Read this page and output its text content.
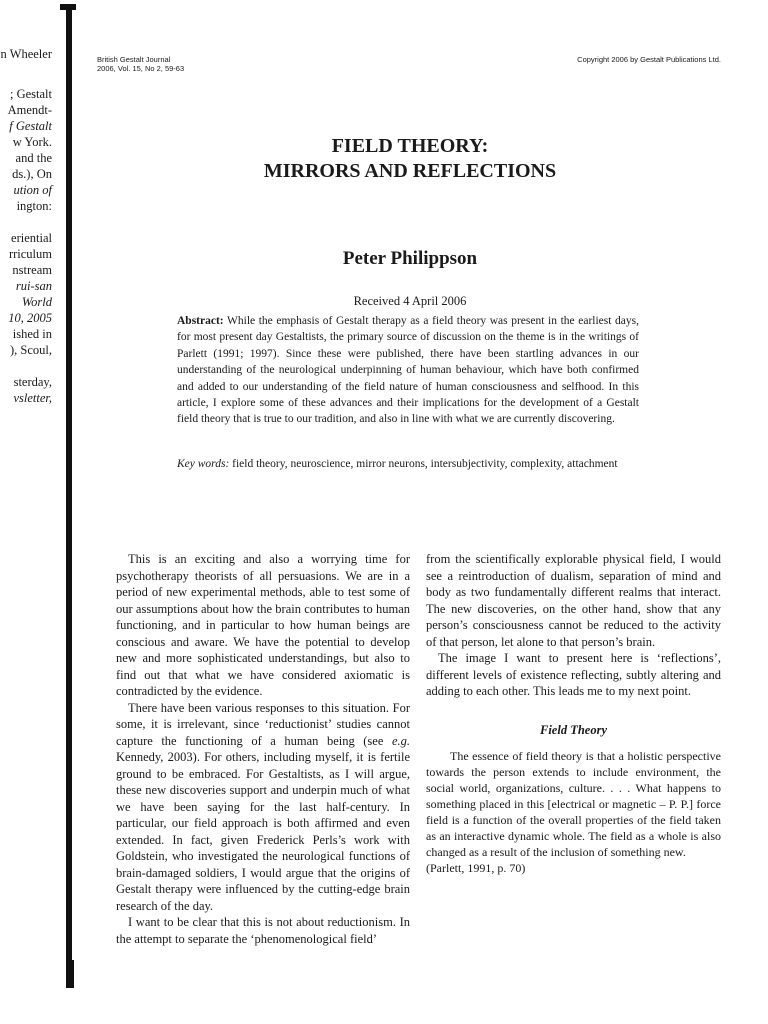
n Wheeler
; Gestalt
Amendt-
f Gestalt
w York.
and the
ds.), On
ution of
ington:
eriential
rriculum
nstream
rui-san
World
10, 2005
ished in
), Scoul,
sterday,
vsletter,
British Gestalt Journal
2006, Vol. 15, No 2, 59-63
Copyright 2006 by Gestalt Publications Ltd.
FIELD THEORY:
MIRRORS AND REFLECTIONS
Peter Philippson
Received 4 April 2006

Abstract: While the emphasis of Gestalt therapy as a field theory was present in the earliest days, for most present day Gestaltists, the primary source of discussion on the theme is in the writings of Parlett (1991; 1997). Since these were published, there have been startling advances in our understanding of the neurological underpinning of human behaviour, which have both confirmed and added to our understanding of the field nature of human consciousness and selfhood. In this article, I explore some of these advances and their implications for the development of a Gestalt field theory that is true to our tradition, and also in line with what we are currently discovering.

Key words: field theory, neuroscience, mirror neurons, intersubjectivity, complexity, attachment

This is an exciting and also a worrying time for psychotherapy theorists of all persuasions. We are in a period of new experimental methods, able to test some of our assumptions about how the brain contributes to human functioning, and in particular to how human beings are conscious and aware. We have the potential to develop new and more sophisticated understandings, but also to find out that what we have considered axiomatic is contradicted by the evidence.

There have been various responses to this situation. For some, it is irrelevant, since ‘reductionist’ studies cannot capture the functioning of a human being (see e.g. Kennedy, 2003). For others, including myself, it is fertile ground to be embraced. For Gestaltists, as I will argue, these new discoveries support and underpin much of what we have been saying for the last half-century. In particular, our field approach is both affirmed and even extended. In fact, given Frederick Perls’s work with Goldstein, who investigated the neurological functions of brain-damaged soldiers, I would argue that the origins of Gestalt therapy were influenced by the cutting-edge brain research of the day.

I want to be clear that this is not about reductionism. In the attempt to separate the ‘phenomenological field’

from the scientifically explorable physical field, I would see a reintroduction of dualism, separation of mind and body as two fundamentally different realms that interact. The new discoveries, on the other hand, show that any person’s consciousness cannot be reduced to the activity of that person, let alone to that person’s brain.

The image I want to present here is ‘reflections’, different levels of existence reflecting, subtly altering and adding to each other. This leads me to my next point.

Field Theory

The essence of field theory is that a holistic perspective towards the person extends to include environment, the social world, organizations, culture. . . . What happens to something placed in this [electrical or magnetic – P. P.] force field is a function of the overall properties of the field taken as an interactive dynamic whole. The field as a whole is also changed as a result of the inclusion of something new.
(Parlett, 1991, p. 70)
